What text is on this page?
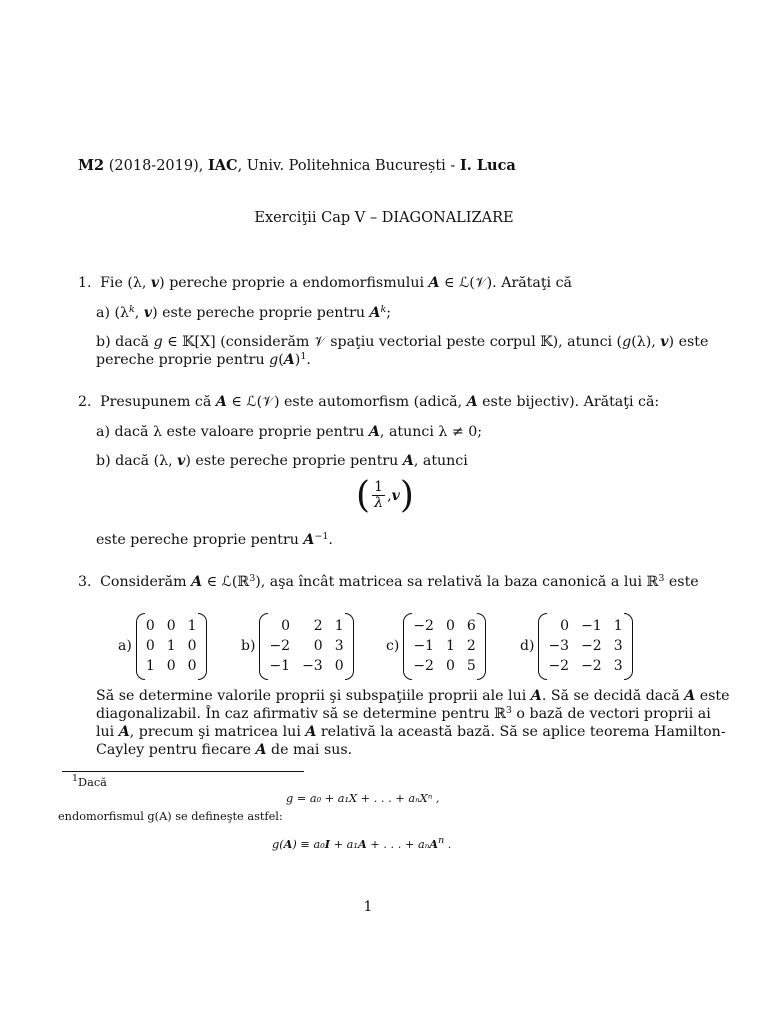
M2 (2018-2019), IAC, Univ. Politehnica București - I. Luca
Exerciţii Cap V – DIAGONALIZARE
1. Fie (λ, v) pereche proprie a endomorfismului A ∈ ℒ(𝒱). Arătaţi că
a) ($\lambda^k$, v) este pereche proprie pentru $A^k$;
b) dacă g ∈ 𝕂[X] (considerăm 𝒱 spaţiu vectorial peste corpul 𝕂), atunci (g(λ), v) este
pereche proprie pentru $g(A)^1$.
2. Presupunem că A ∈ ℒ(𝒱) este automorfism (adică, A este bijectiv). Arătaţi că:
a) dacă λ este valoare proprie pentru A, atunci λ ≠ 0;
b) dacă (λ, v) este pereche proprie pentru A, atunci
( $\frac{1}{\lambda} ,v$)
este pereche proprie pentru $A^{-1}$.
3. Considerăm A ∈ ℒ(ℝ$^3$), aşa încât matricea sa relativă la baza canonică a lui ℝ$^3$ este
a)
0 0 1
0 1 0
1 0 0
b)
0	2 1
−2	0 3
−1 −3 0
c)
−2 0 6
−1 1 2
−2 0 5
d)
0 −1 1
−3 −2 3
−2 −2 3
Să se determine valorile proprii şi subspaţiile proprii ale lui A. Să se decidă dacă A este
diagonalizabil. În caz afirmativ să se determine pentru ℝ$^3$ o bază de vectori proprii ai
lui A, precum şi matricea lui A relativă la această bază. Să se aplice teorema Hamilton-
Cayley pentru fiecare A de mai sus.
$^1$Dacă
g = a₀ + a₁X + . . . + aₙXⁿ ,
endomorfismul g(A) se defineşte astfel:
g(A) ≡ a₀I + a₁A + . . . + aₙA$^n$ .
1
